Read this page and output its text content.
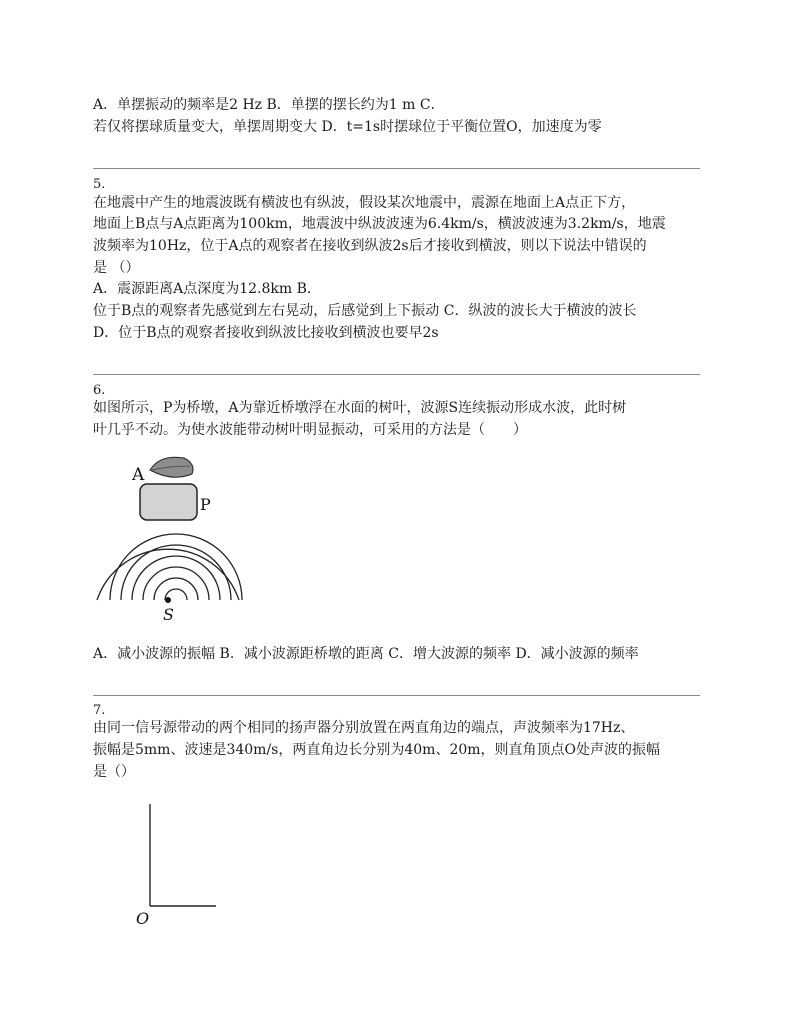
A．单摆振动的频率是2 Hz B．单摆的摆长约为1 m C．
若仅将摆球质量变大，单摆周期变大 D．t=1s时摆球位于平衡位置O，加速度为零
5.
在地震中产生的地震波既有横波也有纵波，假设某次地震中，震源在地面上A点正下方，
地面上B点与A点距离为100km，地震波中纵波波速为6.4km/s，横波波速为3.2km/s，地震
波频率为10Hz，位于A点的观察者在接收到纵波2s后才接收到横波，则以下说法中错误的
是 （）
A．震源距离A点深度为12.8km B．
位于B点的观察者先感觉到左右晃动，后感觉到上下振动 C．纵波的波长大于横波的波长
D．位于B点的观察者接收到纵波比接收到横波也要早2s
6.
如图所示，P为桥墩，A为靠近桥墩浮在水面的树叶，波源S连续振动形成水波，此时树
叶几乎不动。为使水波能带动树叶明显振动，可采用的方法是（　　）
A
P
S
A．减小波源的振幅 B．减小波源距桥墩的距离 C．增大波源的频率 D．减小波源的频率
7.
由同一信号源带动的两个相同的扬声器分别放置在两直角边的端点，声波频率为17Hz、
振幅是5mm、波速是340m/s，两直角边长分别为40m、20m，则直角顶点O处声波的振幅
是（）
O
